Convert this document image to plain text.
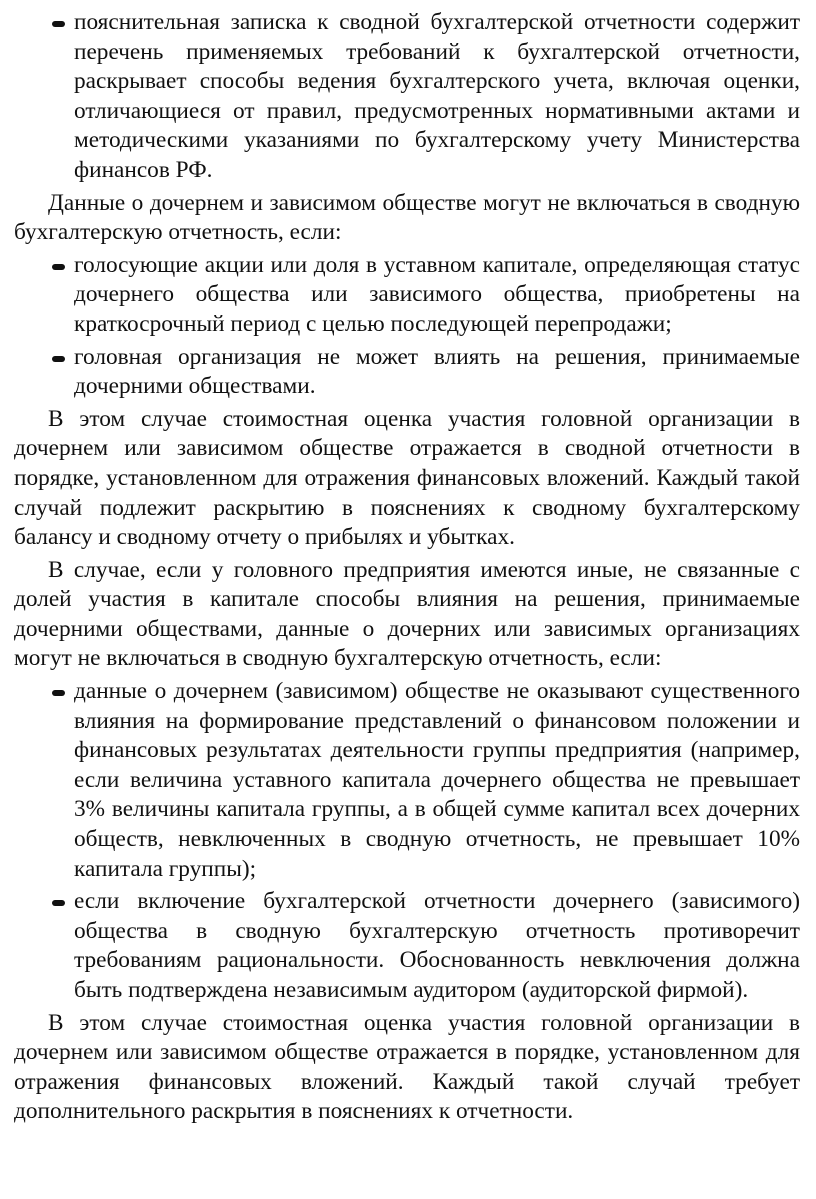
пояснительная записка к сводной бухгалтерской отчетности содержит перечень применяемых требований к бухгалтерской отчетности, раскрывает способы ведения бухгалтерского учета, включая оценки, отличающиеся от правил, предусмотренных нормативными актами и методическими указаниями по бухгалтерскому учету Министерства финансов РФ.

Данные о дочернем и зависимом обществе могут не включаться в сводную бухгалтерскую отчетность, если:

голосующие акции или доля в уставном капитале, определяющая статус дочернего общества или зависимого общества, приобретены на краткосрочный период с целью последующей перепродажи;
головная организация не может влиять на решения, принимаемые дочерними обществами.

В этом случае стоимостная оценка участия головной организации в дочернем или зависимом обществе отражается в сводной отчетности в порядке, установленном для отражения финансовых вложений. Каждый такой случай подлежит раскрытию в пояснениях к сводному бухгалтерскому балансу и сводному отчету о прибылях и убытках.

В случае, если у головного предприятия имеются иные, не связанные с долей участия в капитале способы влияния на решения, принимаемые дочерними обществами, данные о дочерних или зависимых организациях могут не включаться в сводную бухгалтерскую отчетность, если:

данные о дочернем (зависимом) обществе не оказывают существенного влияния на формирование представлений о финансовом положении и финансовых результатах деятельности группы предприятия (например, если величина уставного капитала дочернего общества не превышает 3% величины капитала группы, а в общей сумме капитал всех дочерних обществ, невключенных в сводную отчетность, не превышает 10% капитала группы);
если включение бухгалтерской отчетности дочернего (зависимого) общества в сводную бухгалтерскую отчетность противоречит требованиям рациональности. Обоснованность невключения должна быть подтверждена независимым аудитором (аудиторской фирмой).

В этом случае стоимостная оценка участия головной организации в дочернем или зависимом обществе отражается в порядке, установленном для отражения финансовых вложений. Каждый такой случай требует дополнительного раскрытия в пояснениях к отчетности.
